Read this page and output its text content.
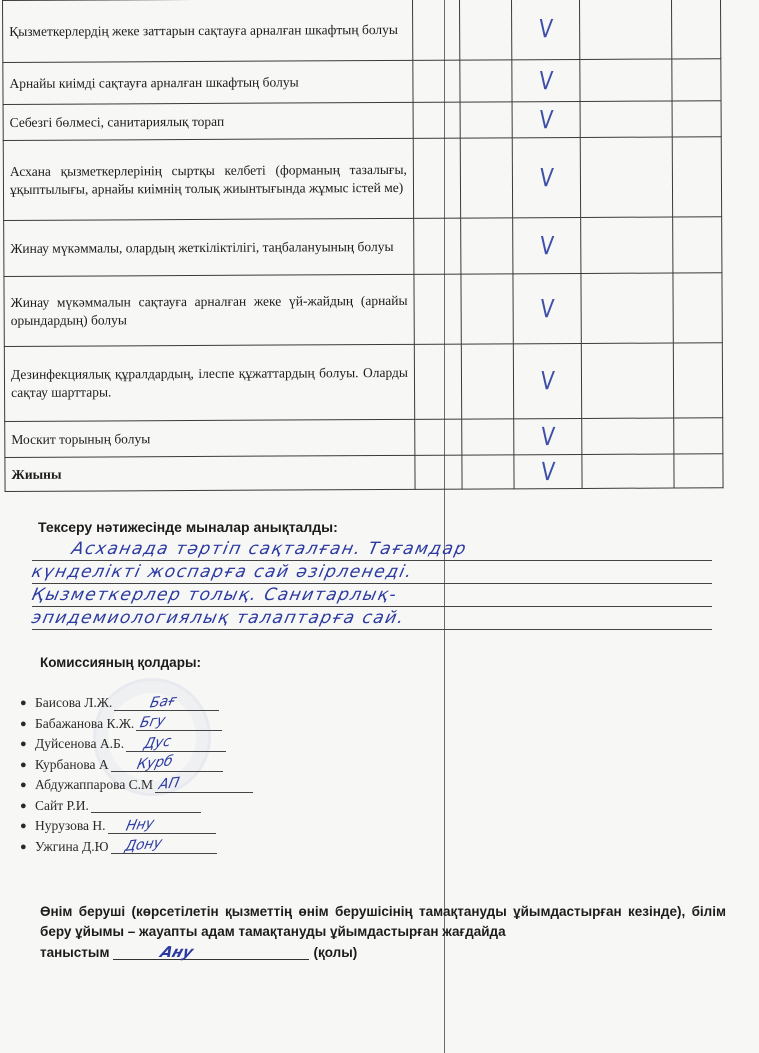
Қызметкерлердің жеке заттарын сақтауға арналған шкафтың болуы			V		
Арнайы киімді сақтауға арналған шкафтың болуы			V		
Себезгі бөлмесі, санитариялық торап			V		
Асхана қызметкерлерінің сыртқы келбеті (форманың тазалығы, ұқыптылығы, арнайы киімнің толық жиынтығында жұмыс істей ме)			V		
Жинау мүкәммалы, олардың жеткіліктілігі, таңбалануының болуы			V		
Жинау мүкәммалын сақтауға арналған жеке үй-жайдың (арнайы орындардың) болуы			V		
Дезинфекциялық құралдардың, ілеспе құжаттардың болуы. Оларды сақтау шарттары.			V		
Москит торының болуы			V		
Жиыны			V		
Тексеру нәтижесінде мыналар анықталды:
Асханада тәртіп сақталған. Тағамдар
күнделікті жоспарға сай әзірленеді.
Қызметкерлер толық. Санитарлық-
эпидемиологиялық талаптарға сай.
Комиссияның қолдары:
● Баисова Л.Ж.	Бағ
● Бабажанова К.Ж. Бгу
● Дуйсенова А.Б. Дус
● Курбанова А Курб
● Абдужаппарова С.М АП
● Сайт Р.И.
● Нурузова Н. Нну
● Ужгина Д.Ю Дону
Өнім беруші (көрсетілетін қызметтің өнім берушісінің тамақтануды ұйымдастырған кезінде), білім беру ұйымы – жауапты адам тамақтануды ұйымдастырған жағдайда
таныстым	Ану	(қолы)
